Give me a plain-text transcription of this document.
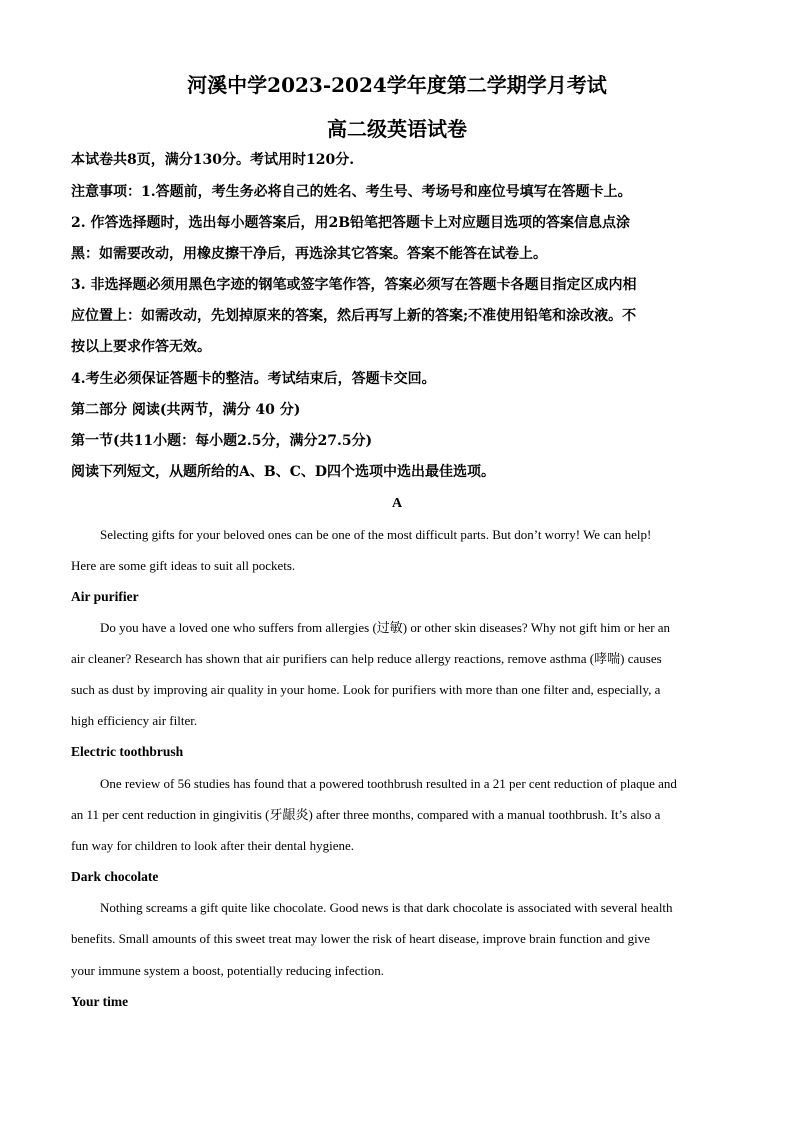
河溪中学2023-2024学年度第二学期学月考试
高二级英语试卷
本试卷共8页，满分130分。考试用时120分.
注意事项：1.答题前，考生务必将自己的姓名、考生号、考场号和座位号填写在答题卡上。
2. 作答选择题时，选出每小题答案后，用2B铅笔把答题卡上对应题目选项的答案信息点涂
黑：如需要改动，用橡皮擦干净后，再选涂其它答案。答案不能答在试卷上。
3. 非选择题必须用黑色字迹的钢笔或签字笔作答，答案必须写在答题卡各题目指定区成内相
应位置上：如需改动，先划掉原来的答案，然后再写上新的答案;不准使用铅笔和涂改液。不
按以上要求作答无效。
4.考生必须保证答题卡的整洁。考试结束后，答题卡交回。
第二部分 阅读(共两节，满分 40 分)
第一节(共11小题：每小题2.5分，满分27.5分)
阅读下列短文，从题所给的A、B、C、D四个选项中选出最佳选项。
A
Selecting gifts for your beloved ones can be one of the most difficult parts. But don’t worry! We can help!
Here are some gift ideas to suit all pockets.
Air purifier
Do you have a loved one who suffers from allergies (过敏) or other skin diseases? Why not gift him or her an
air cleaner? Research has shown that air purifiers can help reduce allergy reactions, remove asthma (哮喘) causes
such as dust by improving air quality in your home. Look for purifiers with more than one filter and, especially, a
high efficiency air filter.
Electric toothbrush
One review of 56 studies has found that a powered toothbrush resulted in a 21 per cent reduction of plaque and
an 11 per cent reduction in gingivitis (牙龈炎) after three months, compared with a manual toothbrush. It’s also a
fun way for children to look after their dental hygiene.
Dark chocolate
Nothing screams a gift quite like chocolate. Good news is that dark chocolate is associated with several health
benefits. Small amounts of this sweet treat may lower the risk of heart disease, improve brain function and give
your immune system a boost, potentially reducing infection.
Your time
